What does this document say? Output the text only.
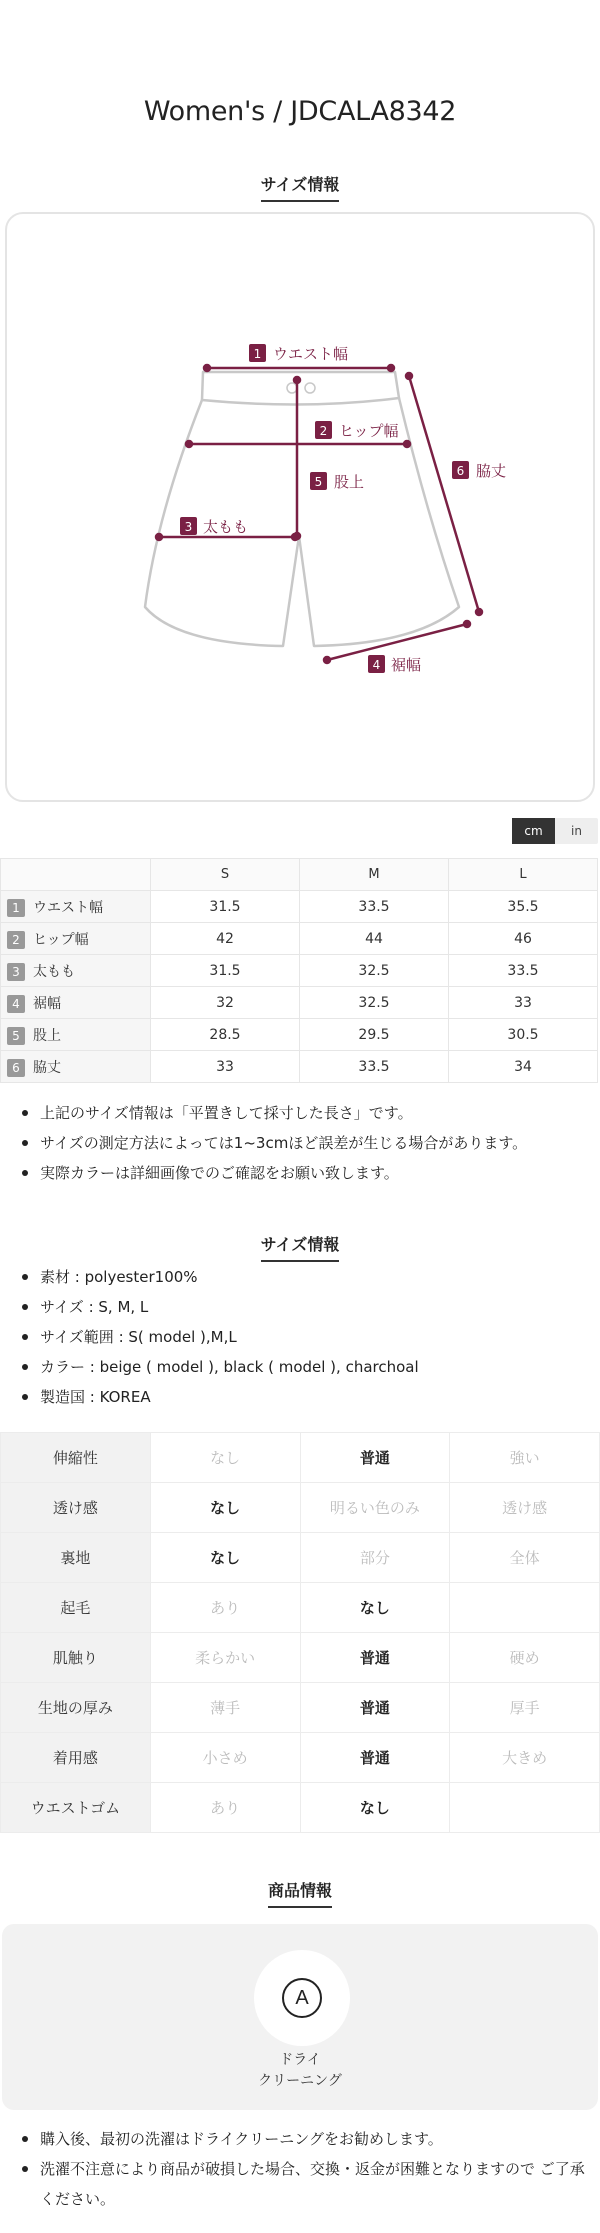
Women's / JDCALA8342
サイズ情報
1 ウエスト幅
2 ヒップ幅
3 太もも
4 裾幅
5 股上
6 脇丈
cm	in
	S	M	L
1 ウエスト幅	31.5	33.5	35.5
2 ヒップ幅	42	44	46
3 太もも	31.5	32.5	33.5
4 裾幅	32	32.5	33
5 股上	28.5	29.5	30.5
6 脇丈	33	33.5	34
上記のサイズ情報は「平置きして採寸した長さ」です。
サイズの測定方法によっては1~3cmほど誤差が生じる場合があります。
実際カラーは詳細画像でのご確認をお願い致します。
サイズ情報
素材 : polyester100%
サイズ : S, M, L
サイズ範囲 : S( model ),M,L
カラー : beige ( model ), black ( model ), charchoal
製造国 : KOREA
伸縮性	なし	普通	強い
透け感	なし	明るい色のみ	透け感
裏地	なし	部分	全体
起毛	あり	なし	
肌触り	柔らかい	普通	硬め
生地の厚み	薄手	普通	厚手
着用感	小さめ	普通	大きめ
ウエストゴム	あり	なし	
商品情報
A
ドライ
クリーニング
購入後、最初の洗濯はドライクリーニングをお勧めします。
洗濯不注意により商品が破損した場合、交換・返金が困難となりますので ご了承ください。
